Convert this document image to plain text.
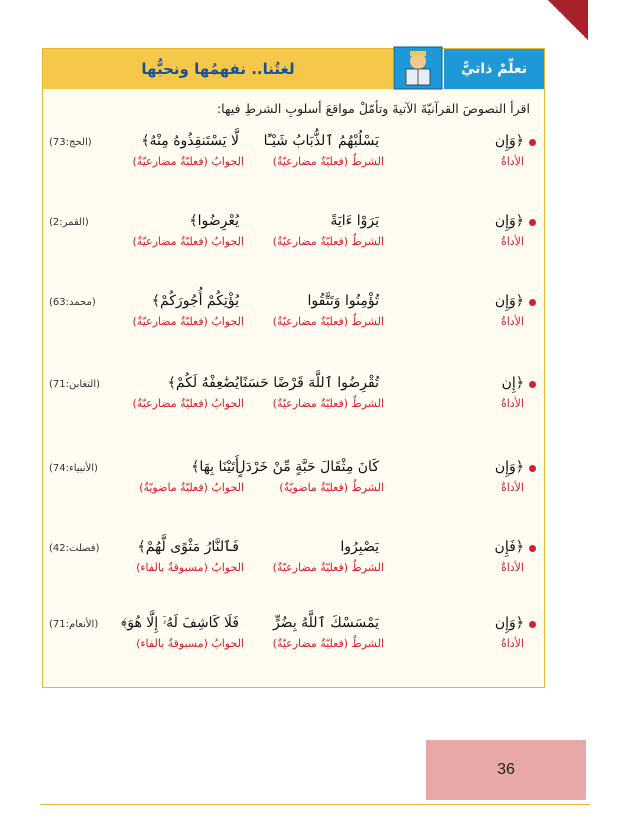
لغتُنا.. نفهمُها ونحبُّها	تعلّمْ ذاتيًّ
اقرأ النصوصَ القرآنيّةَ الآتيةَ وتأمّلْ مواقعَ أسلوبِ الشرطِ فيها:
﴿وَإِن
الأداةُ
يَسْلُبْهُمُ ٱلذُّبَابُ شَيْـًٔا
الشرطُ (فعليّةٌ مضارعيّةٌ)
لَّا يَسْتَنقِذُوهُ مِنْهُ﴾
الجوابُ (فعليّةٌ مضارعيّةٌ)
(الحج:73)
﴿وَإِن
الأداةُ
يَرَوْا ءَايَةً
الشرطُ (فعليّةٌ مضارعيّةٌ)
يُعْرِضُوا﴾
الجوابُ (فعليّةٌ مضارعيّةٌ)
(القمر:2)
﴿وَإِن
الأداةُ
تُؤْمِنُوا وَتَتَّقُوا
الشرطُ (فعليّةٌ مضارعيّةٌ)
يُؤْتِكُمْ أُجُورَكُمْ﴾
الجوابُ (فعليّةٌ مضارعيّةٌ)
(محمد:63)
﴿إِن
الأداةُ
تُقْرِضُوا ٱللَّهَ قَرْضًا حَسَنًا
الشرطُ (فعليّةٌ مضارعيّةٌ)
يُضَٰعِفْهُ لَكُمْ﴾
الجوابُ (فعليّةٌ مضارعيّةٌ)
(التغابن:71)
﴿وَإِن
الأداةُ
كَانَ مِثْقَالَ حَبَّةٍ مِّنْ خَرْدَلٍ
الشرطُ (فعليّةٌ ماضويّةٌ)
أَتَيْنَا بِهَا﴾
الجوابُ (فعليّةٌ ماضويّةٌ)
(الأنبياء:74)
﴿فَإِن
الأداةُ
يَصْبِرُوا
الشرطُ (فعليّةٌ مضارعيّةٌ)
فَٱلنَّارُ مَثْوًى لَّهُمْ﴾
الجوابُ (مسبوقةٌ بالفاء)
(فصلت:42)
﴿وَإِن
الأداةُ
يَمْسَسْكَ ٱللَّهُ بِضُرٍّ
الشرطُ (فعليّةٌ مضارعيّةٌ)
فَلَا كَاشِفَ لَهُۥٓ إِلَّا هُوَ﴾
الجوابُ (مسبوقةٌ بالفاء)
(الأنعام:71)
36
